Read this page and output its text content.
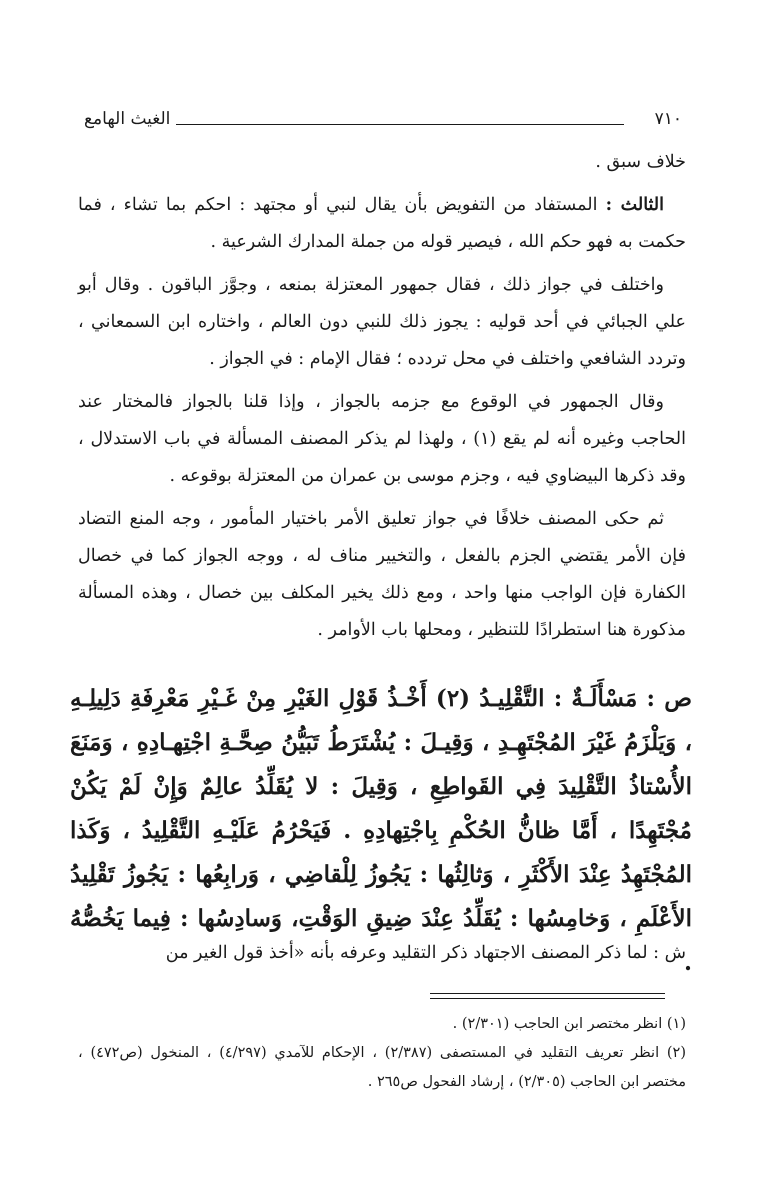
٧١٠
الغيث الهامع

خلاف سبق .

الثالث : المستفاد من التفويض بأن يقال لنبي أو مجتهد : احكم بما تشاء ، فما حكمت به فهو حكم الله ، فيصير قوله من جملة المدارك الشرعية .

واختلف في جواز ذلك ، فقال جمهور المعتزلة بمنعه ، وجوَّز الباقون . وقال أبو علي الجبائي في أحد قوليه : يجوز ذلك للنبي دون العالم ، واختاره ابن السمعاني ، وتردد الشافعي واختلف في محل تردده ؛ فقال الإمام : في الجواز .

وقال الجمهور في الوقوع مع جزمه بالجواز ، وإذا قلنا بالجواز فالمختار عند الحاجب وغيره أنه لم يقع (١) ، ولهذا لم يذكر المصنف المسألة في باب الاستدلال ، وقد ذكرها البيضاوي فيه ، وجزم موسى بن عمران من المعتزلة بوقوعه .

ثم حكى المصنف خلافًا في جواز تعليق الأمر باختيار المأمور ، وجه المنع التضاد فإن الأمر يقتضي الجزم بالفعل ، والتخيير مناف له ، ووجه الجواز كما في خصال الكفارة فإن الواجب منها واحد ، ومع ذلك يخير المكلف بين خصال ، وهذه المسألة مذكورة هنا استطرادًا للتنظير ، ومحلها باب الأوامر .

ص : مَسْأَلَـةٌ : التَّقْلِيـدُ (٢) أَخْـذُ قَوْلِ الغَيْرِ مِنْ غَـيْرِ مَعْرِفَةِ دَلِيلِـهِ ، وَيَلْزَمُ غَيْرَ المُجْتَهِـدِ ، وَقِيـلَ : يُشْتَرَطُ تَبَيُّنُ صِحَّـةِ اجْتِهـادِهِ ، وَمَنَعَ الأُسْتاذُ التَّقْلِيدَ فِي القَواطِعِ ، وَقِيلَ : لا يُقَلِّدُ عالِمٌ وَإِنْ لَمْ يَكُنْ مُجْتَهِدًا ، أَمَّا ظانُّ الحُكْمِ بِاجْتِهادِهِ . فَيَحْرُمُ عَلَيْـهِ التَّقْلِيدُ ، وَكَذا المُجْتَهِدُ عِنْدَ الأَكْثَرِ ، وَثالِثُها : يَجُوزُ لِلْقاضِي ، وَرابِعُها : يَجُوزُ تَقْلِيدُ الأَعْلَمِ ، وَخامِسُها : يُقَلِّدُ عِنْدَ ضِيقِ الوَقْتِ، وَسادِسُها : فِيما يَخُصُّهُ .

ش : لما ذكر المصنف الاجتهاد ذكر التقليد وعرفه بأنه «أخذ قول الغير من

(١) انظر مختصر ابن الحاجب (٢/٣٠١) .

(٢) انظر تعريف التقليد في المستصفى (٢/٣٨٧) ، الإحكام للآمدي (٤/٢٩٧) ، المنخول (ص٤٧٢) ، مختصر ابن الحاجب (٢/٣٠٥) ، إرشاد الفحول ص٢٦٥ .
